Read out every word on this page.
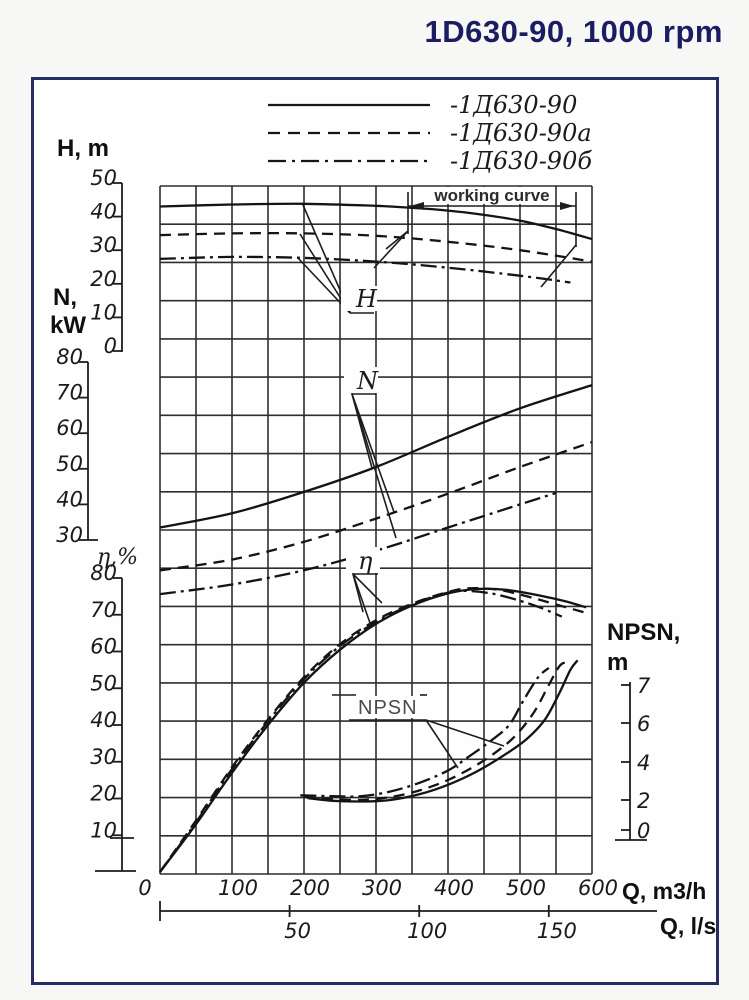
1D630-90, 1000 rpm
50
40
30
20
10
0
80
70
60
50
40
30
80
70
60
50
40
30
20
10
7
6
4
2
0
0	100 200 300 400 500 600
50	100	150
-1Д630-90
-1Д630-90а
-1Д630-90б
H, m
N,
kW
η,%
NPSN,
m
Q, m3/h
Q, l/s
working curve
H
N
η
NPSN
